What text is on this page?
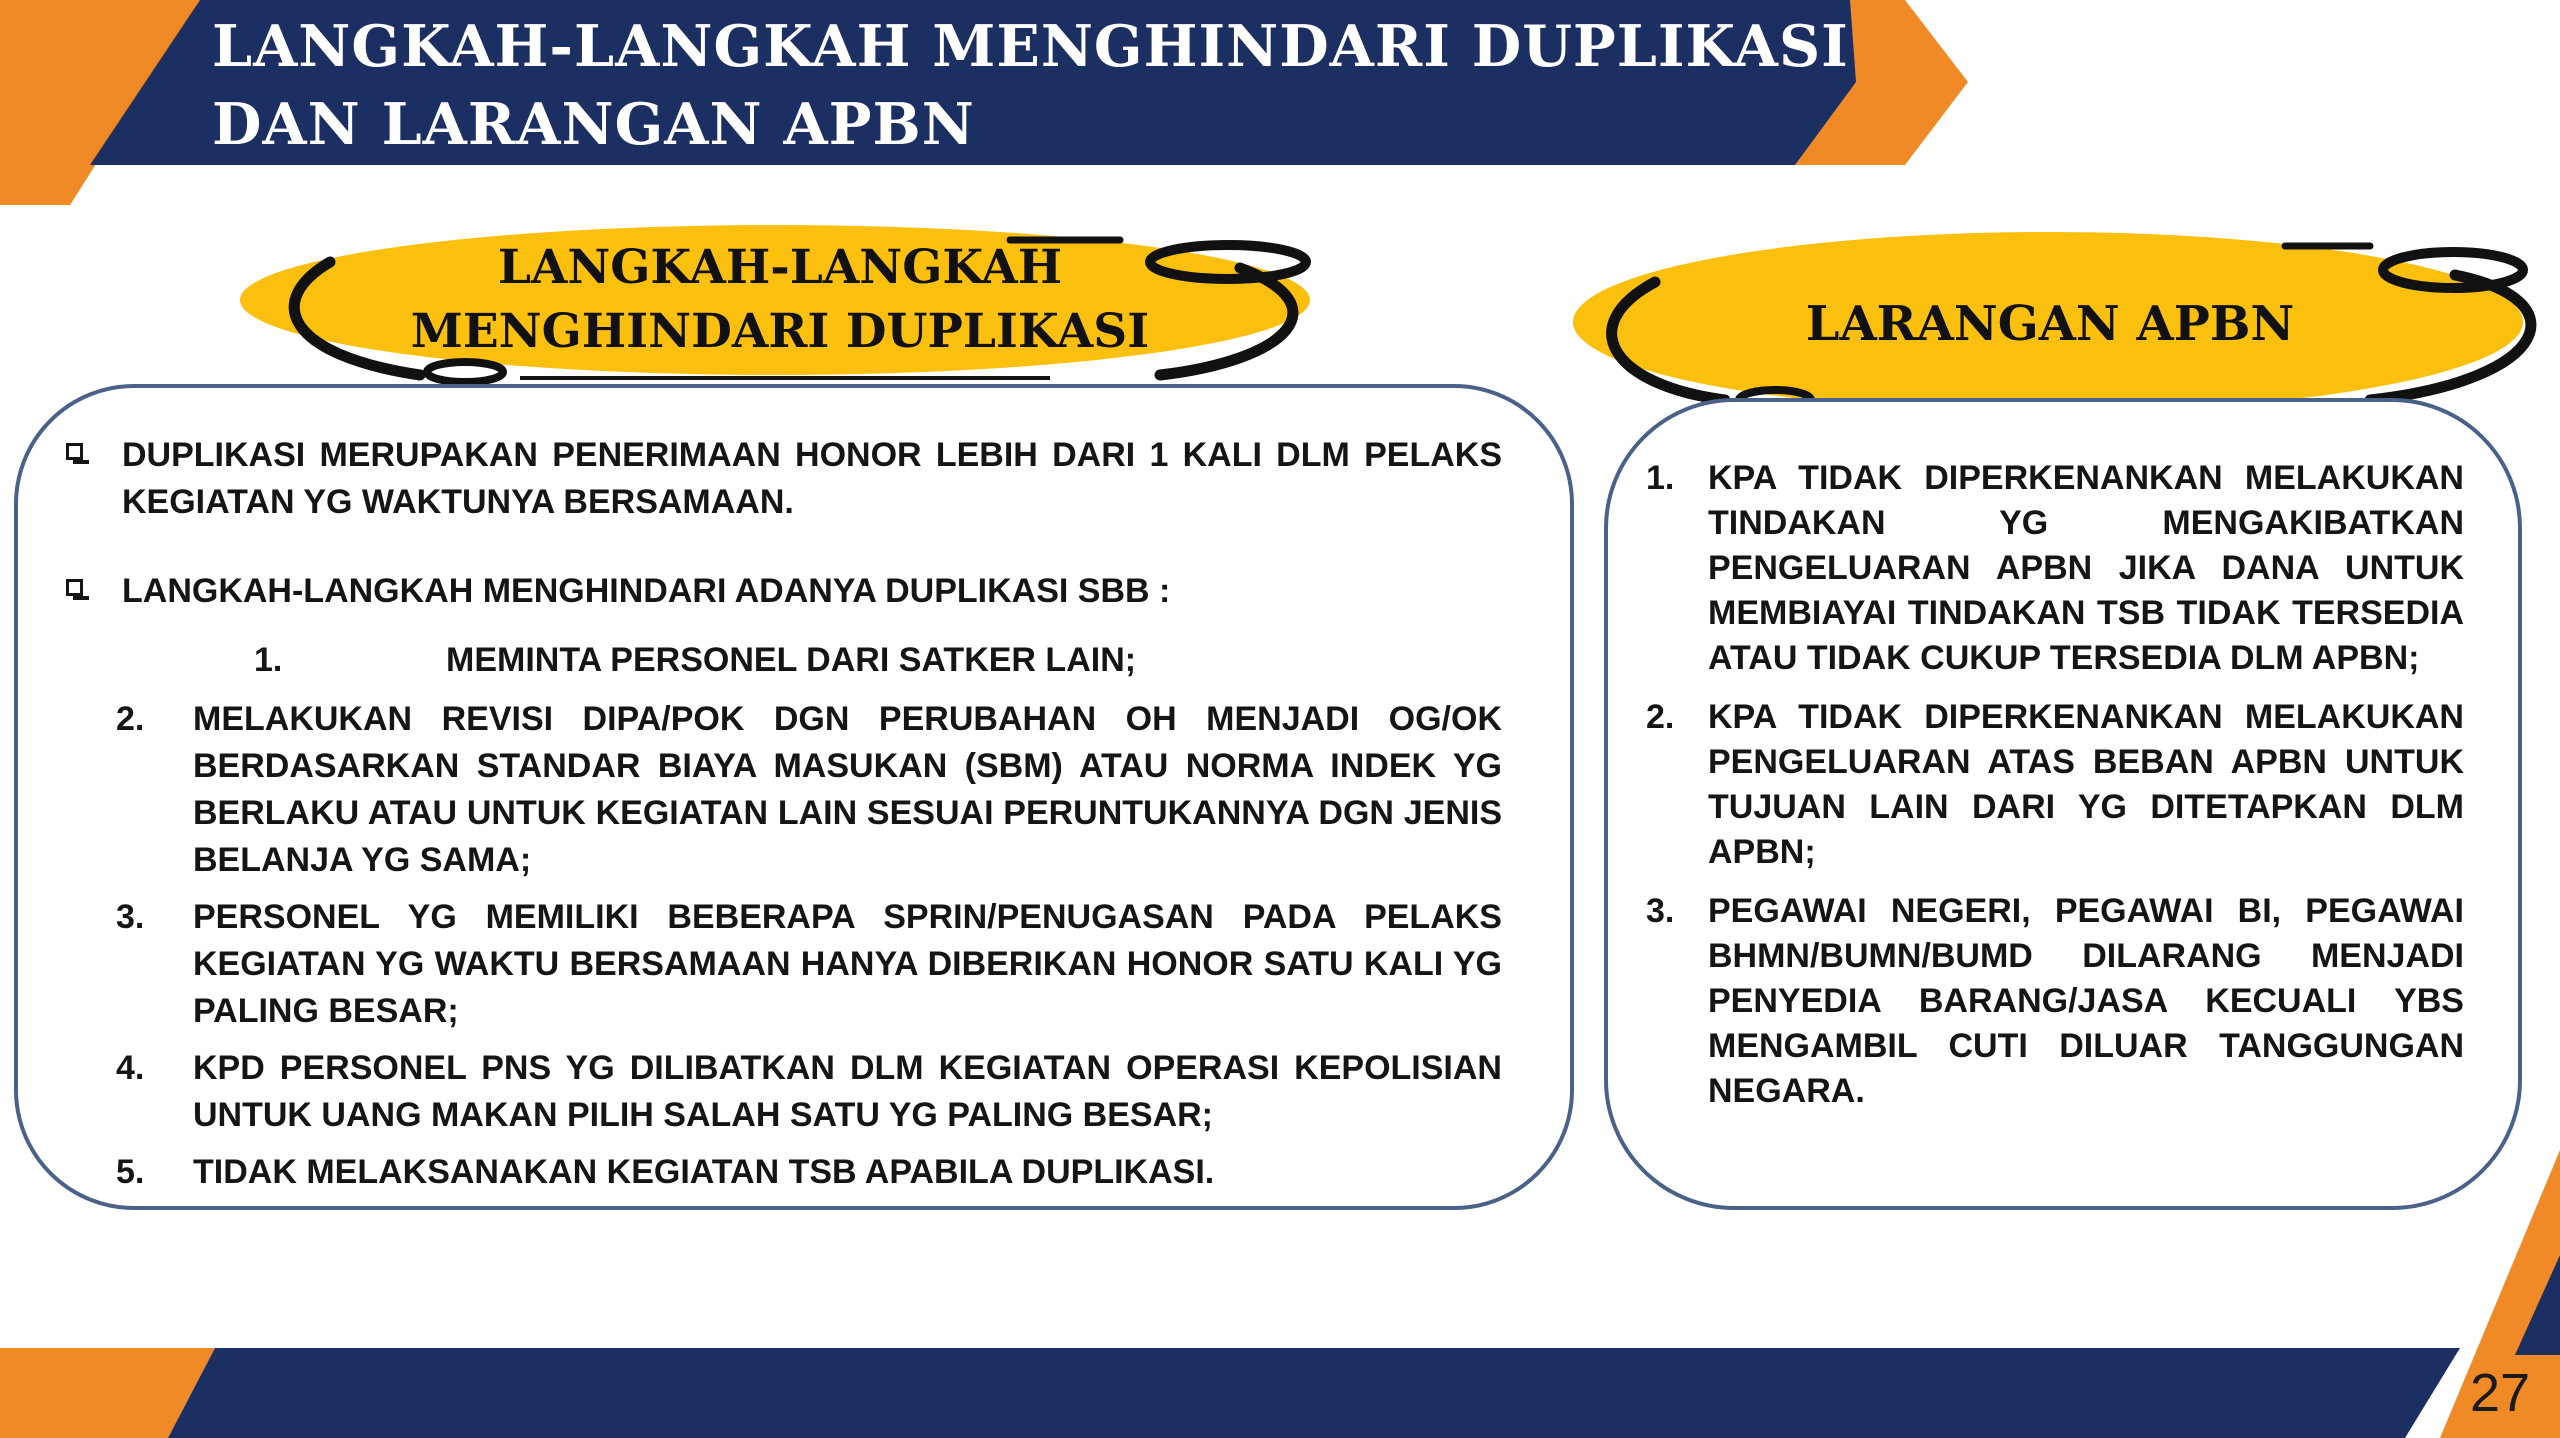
LANGKAH-LANGKAH MENGHINDARI DUPLIKASI
DAN LARANGAN APBN
LANGKAH-LANGKAH
MENGHINDARI DUPLIKASI	LARANGAN APBN
DUPLIKASI MERUPAKAN PENERIMAAN HONOR LEBIH DARI 1 KALI DLM PELAKS KEGIATAN YG WAKTUNYA BERSAMAAN.
LANGKAH-LANGKAH MENGHINDARI ADANYA DUPLIKASI SBB :
1.	MEMINTA PERSONEL DARI SATKER LAIN;
2. MELAKUKAN REVISI DIPA/POK DGN PERUBAHAN OH MENJADI OG/OK BERDASARKAN STANDAR BIAYA MASUKAN (SBM) ATAU NORMA INDEK YG BERLAKU ATAU UNTUK KEGIATAN LAIN SESUAI PERUNTUKANNYA DGN JENIS BELANJA YG SAMA;
3. PERSONEL YG MEMILIKI BEBERAPA SPRIN/PENUGASAN PADA PELAKS KEGIATAN YG WAKTU BERSAMAAN HANYA DIBERIKAN HONOR SATU KALI YG PALING BESAR;
4. KPD PERSONEL PNS YG DILIBATKAN DLM KEGIATAN OPERASI KEPOLISIAN UNTUK UANG MAKAN PILIH SALAH SATU YG PALING BESAR;
5. TIDAK MELAKSANAKAN KEGIATAN TSB APABILA DUPLIKASI.
1. KPA TIDAK DIPERKENANKAN MELAKUKAN TINDAKAN YG MENGAKIBATKAN PENGELUARAN APBN JIKA DANA UNTUK MEMBIAYAI TINDAKAN TSB TIDAK TERSEDIA ATAU TIDAK CUKUP TERSEDIA DLM APBN;
2. KPA TIDAK DIPERKENANKAN MELAKUKAN PENGELUARAN ATAS BEBAN APBN UNTUK TUJUAN LAIN DARI YG DITETAPKAN DLM APBN;
3. PEGAWAI NEGERI, PEGAWAI BI, PEGAWAI BHMN/BUMN/BUMD DILARANG MENJADI PENYEDIA BARANG/JASA KECUALI YBS MENGAMBIL CUTI DILUAR TANGGUNGAN NEGARA.
27
